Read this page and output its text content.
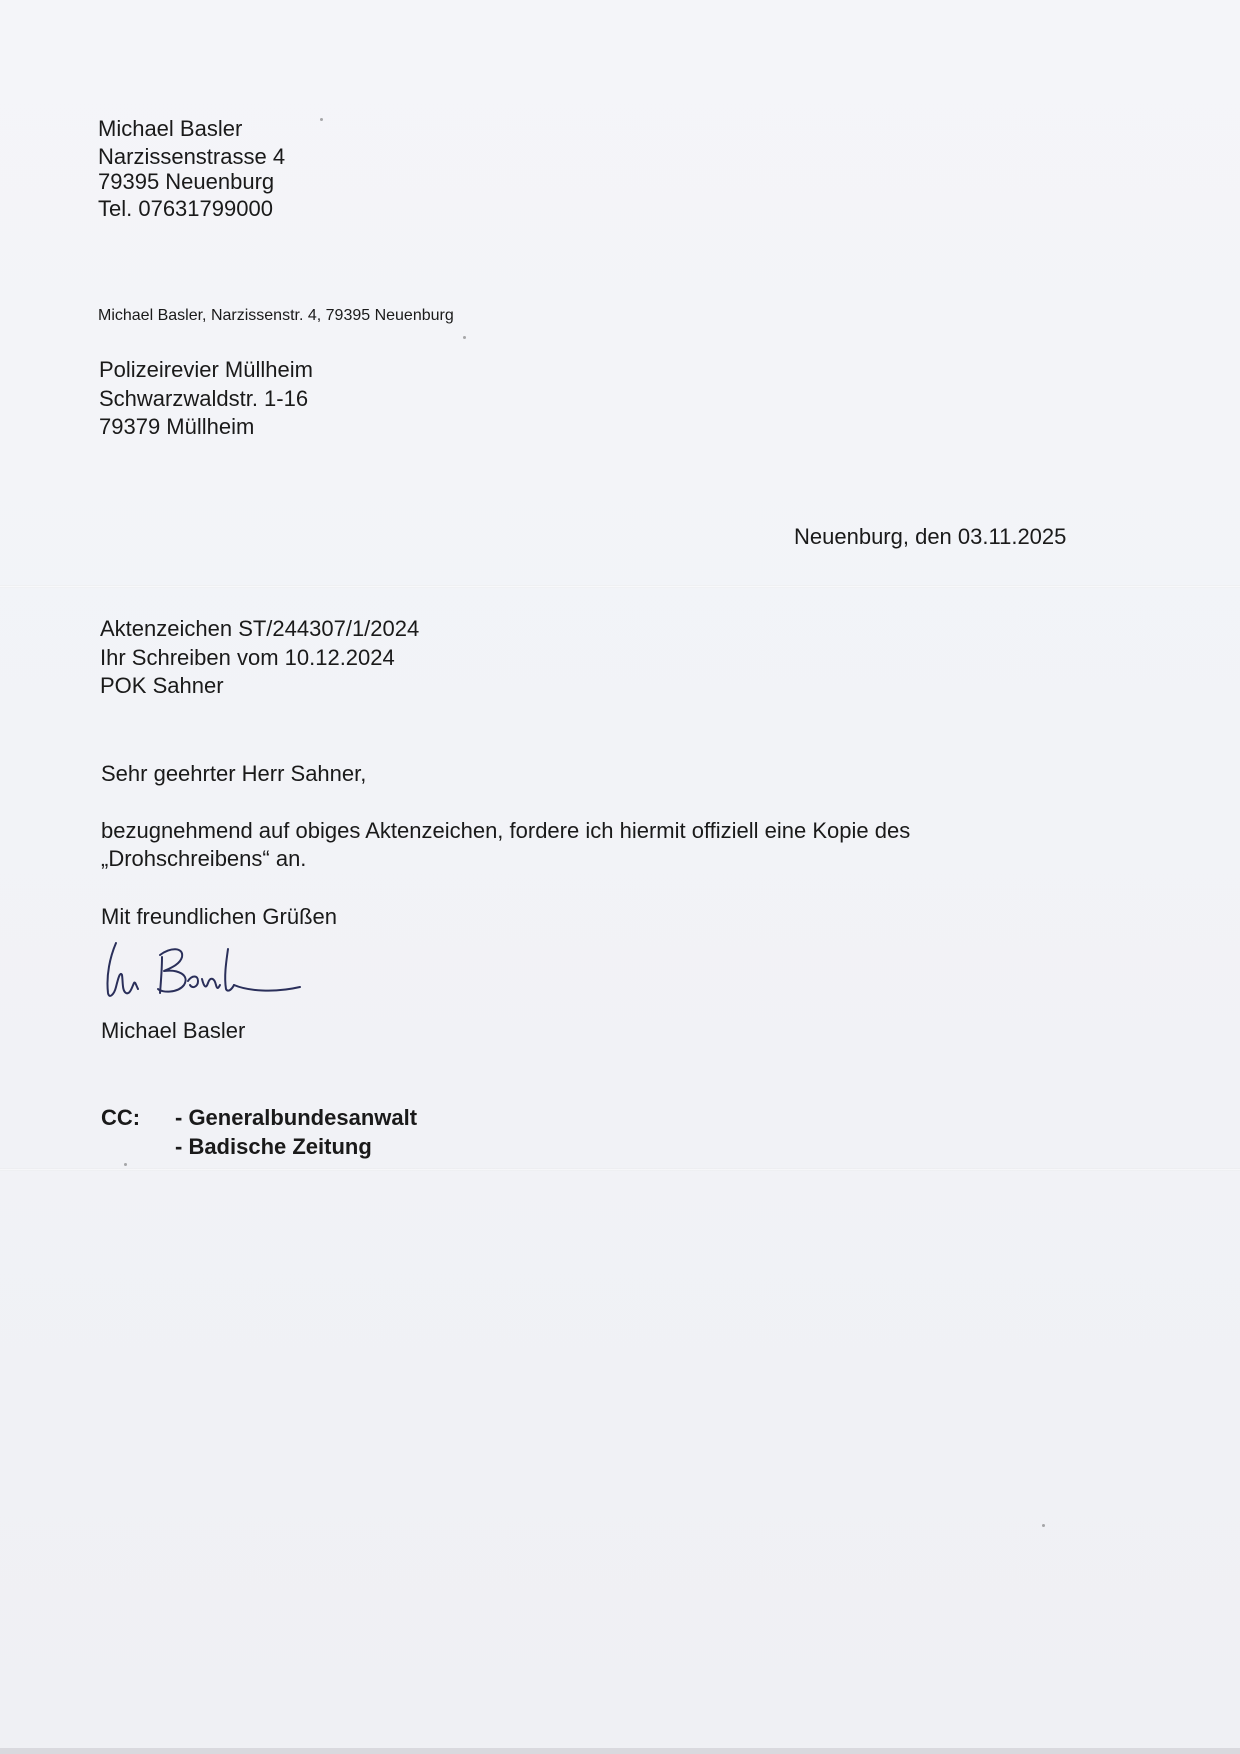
Michael Basler
Narzissenstrasse 4
79395 Neuenburg
Tel. 07631799000
Michael Basler, Narzissenstr. 4, 79395 Neuenburg
Polizeirevier Müllheim
Schwarzwaldstr. 1-16
79379 Müllheim
Neuenburg, den 03.11.2025
Aktenzeichen ST/244307/1/2024
Ihr Schreiben vom 10.12.2024
POK Sahner
Sehr geehrter Herr Sahner,
bezugnehmend auf obiges Aktenzeichen, fordere ich hiermit offiziell eine Kopie des
„Drohschreibens“ an.
Mit freundlichen Grüßen
Michael Basler
CC: - Generalbundesanwalt
- Badische Zeitung
